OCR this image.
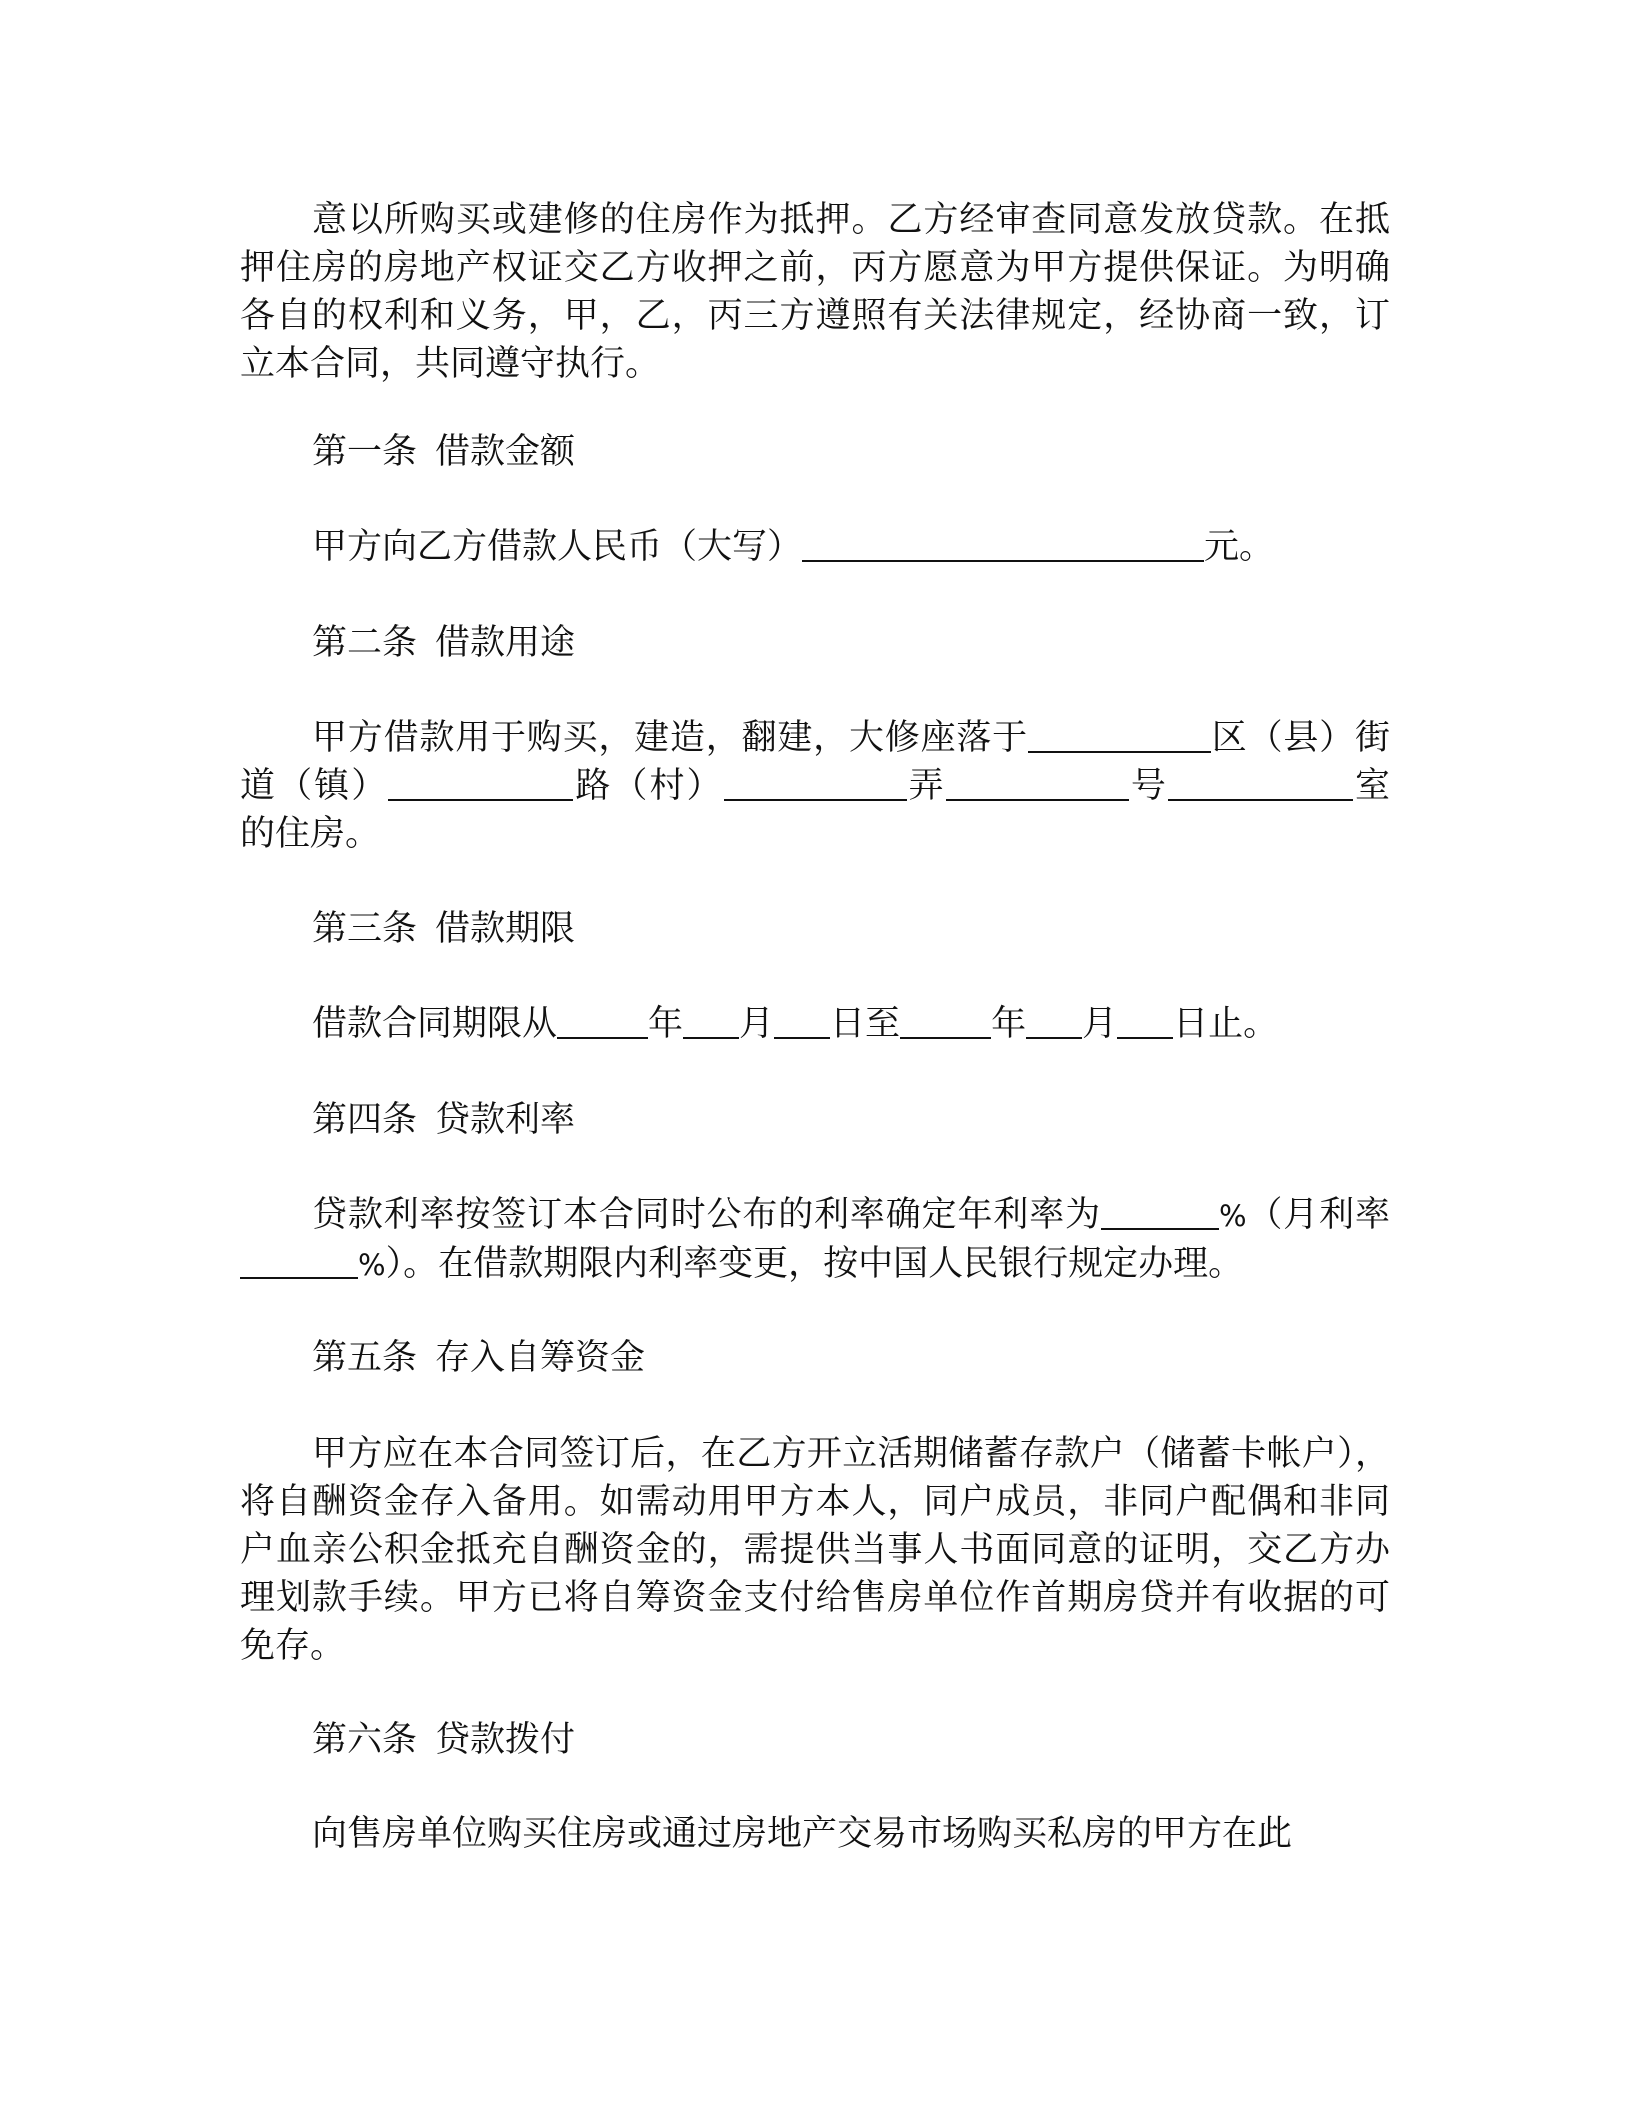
意以所购买或建修的住房作为抵押。乙方经审查同意发放贷款。在抵押住房的房地产权证交乙方收押之前，丙方愿意为甲方提供保证。为明确各自的权利和义务，甲，乙，丙三方遵照有关法律规定，经协商一致，订立本合同，共同遵守执行。

第一条 借款金额

甲方向乙方借款人民币（大写）	元。

第二条 借款用途

甲方借款用于购买，建造，翻建，大修座落于	区（县）街道（镇）	路（村）	弄	号	室的住房。

第三条 借款期限

借款合同期限从	年 月 日至	年 月 日止。

第四条 贷款利率

贷款利率按签订本合同时公布的利率确定年利率为	%（月利率%）。在借款期限内利率变更，按中国人民银行规定办理。

第五条 存入自筹资金

甲方应在本合同签订后，在乙方开立活期储蓄存款户（储蓄卡帐户），将自酬资金存入备用。如需动用甲方本人，同户成员，非同户配偶和非同户血亲公积金抵充自酬资金的，需提供当事人书面同意的证明，交乙方办理划款手续。甲方已将自筹资金支付给售房单位作首期房贷并有收据的可免存。

第六条 贷款拨付

向售房单位购买住房或通过房地产交易市场购买私房的甲方在此
